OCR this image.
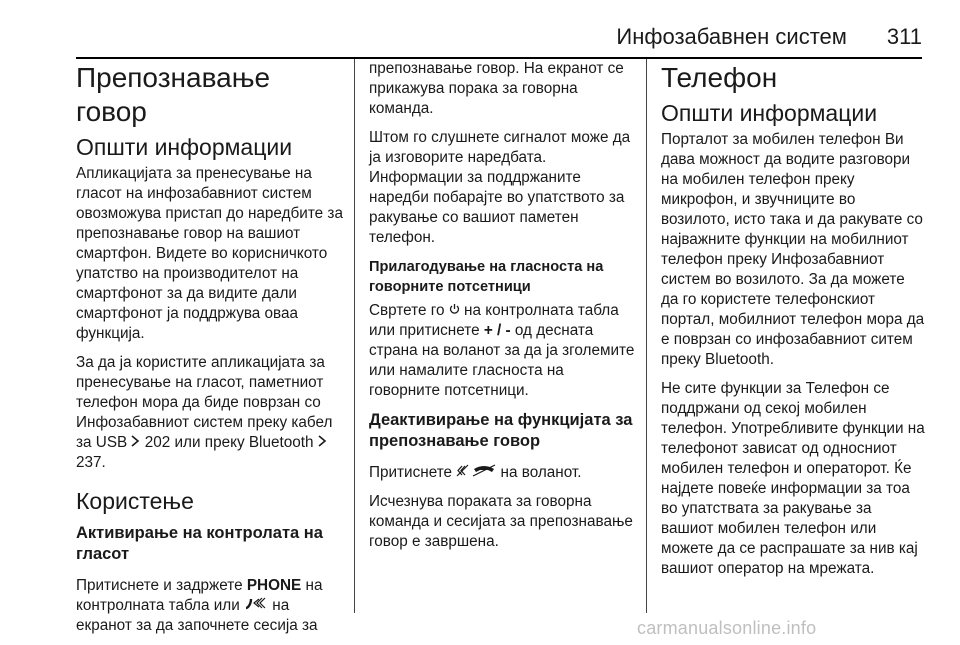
Инфозабавнен систем 311
Препознавање говор
Општи информации

Апликацијата за пренесување на гласот на инфозабавниот систем овозможува пристап до наредбите за препознавање говор на вашиот смартфон. Видете во корисничкото упатство на производителот на смартфонот за да видите дали смартфонот ја поддржува оваа функција.

За да ја користите апликацијата за пренесување на гласот, паметниот телефон мора да биде поврзан со Инфозабавниот систем преку кабел за USB 202 или преку Bluetooth  237.

Користење
Активирање на контролата на гласот

Притиснете и задржете PHONE на контролната табла или на екранот за да започнете сесија за

препознавање говор. На екранот се прикажува порака за говорна команда.

Штом го слушнете сигналот може да ја изговорите наредбата. Информации за поддржаните наредби побарајте во упатството за ракување со вашиот паметен телефон.

Прилагодување на гласноста на говорните потсетници

Свртете го на контролната табла или притиснете + / - од десната страна на воланот за да ја зголемите или намалите гласноста на говорните потсетници.

Деактивирање на функцијата за препознавање говор

Притиснете	на воланот.

Исчезнува пораката за говорна команда и сесијата за препознавање говор е завршена.

Телефон
Општи информации

Порталот за мобилен телефон Ви дава можност да водите разговори на мобилен телефон преку микрофон, и звучниците во возилото, исто така и да ракувате со најважните функции на мобилниот телефон преку Инфозабавниот систем во возилото. За да можете да го користете телефонскиот портал, мобилниот телефон мора да е поврзан со инфозабавниот ситем преку Bluetooth.

Не сите функции за Телефон се поддржани од секој мобилен телефон. Употребливите функции на телефонот зависат од односниот мобилен телефон и операторот. Ќе најдете повеќе информации за тоа во упатствата за ракување за вашиот мобилен телефон или можете да се распрашате за нив кај вашиот оператор на мрежата.

carmanualsonline.info
